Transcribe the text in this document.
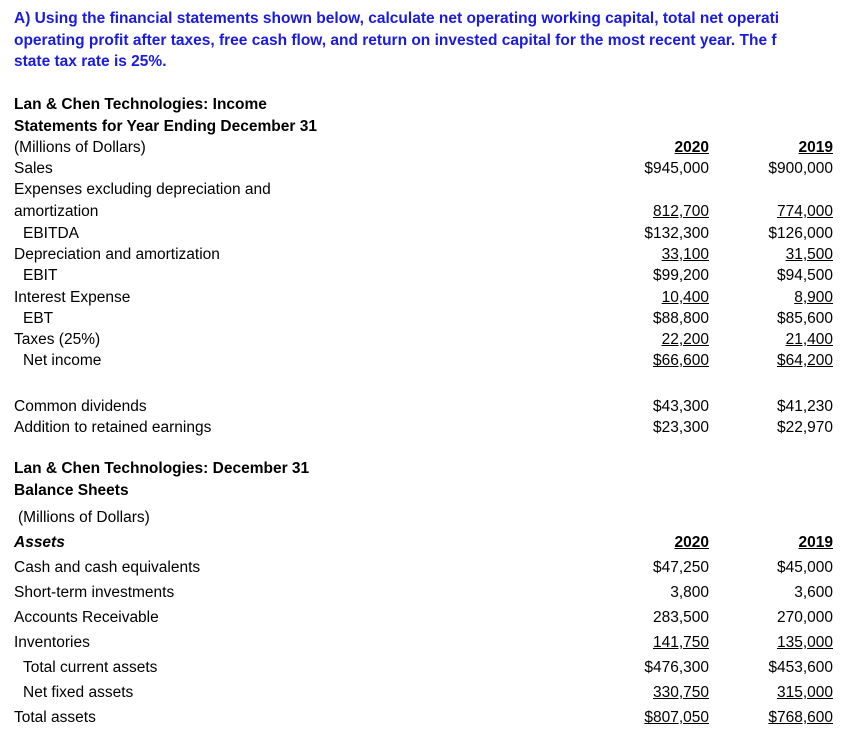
A) Using the financial statements shown below, calculate net operating working capital, total net operati
operating profit after taxes, free cash flow, and return on invested capital for the most recent year. The f
state tax rate is 25%.
Lan & Chen Technologies: Income
Statements for Year Ending December 31
(Millions of Dollars)	2020	2019
Sales	$945,000	$900,000
Expenses excluding depreciation and
amortization	812,700	774,000
EBITDA	$132,300	$126,000
Depreciation and amortization	33,100	31,500
EBIT	$99,200	$94,500
Interest Expense	10,400	8,900
EBT	$88,800	$85,600
Taxes (25%)	22,200	21,400
Net income	$66,600	$64,200
Common dividends	$43,300	$41,230
Addition to retained earnings	$23,300	$22,970
Lan & Chen Technologies: December 31
Balance Sheets
(Millions of Dollars)
Assets	2020	2019
Cash and cash equivalents	$47,250	$45,000
Short-term investments	3,800	3,600
Accounts Receivable	283,500	270,000
Inventories	141,750	135,000
Total current assets	$476,300	$453,600
Net fixed assets	330,750	315,000
Total assets	$807,050	$768,600
